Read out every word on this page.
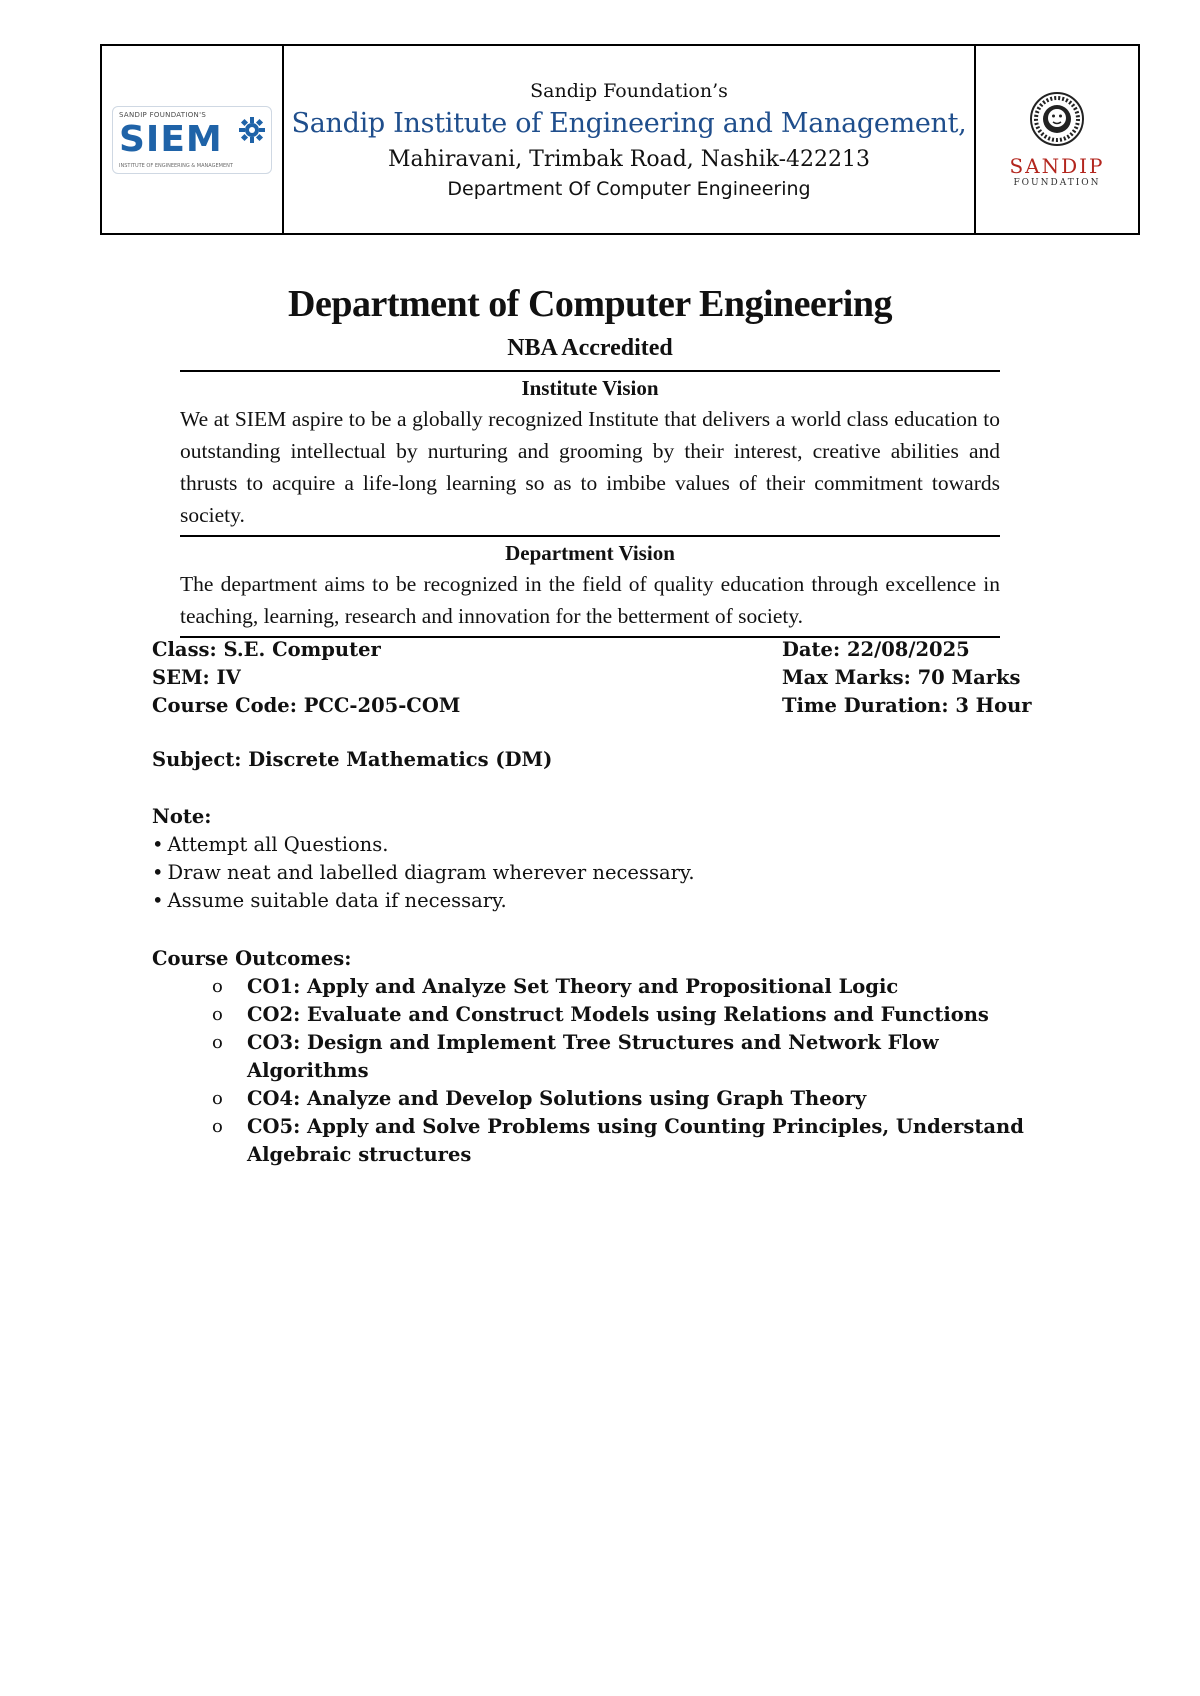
SANDIP FOUNDATION'S
SIEM
INSTITUTE OF ENGINEERING & MANAGEMENT
Sandip Foundation’s
Sandip Institute of Engineering and Management,
Mahiravani, Trimbak Road, Nashik-422213
Department Of Computer Engineering
SANDIP
FOUNDATION
Department of Computer Engineering
NBA Accredited
Institute Vision
We at SIEM aspire to be a globally recognized Institute that delivers a world class education to outstanding intellectual by nurturing and grooming by their interest, creative abilities and thrusts to acquire a life-long learning so as to imbibe values of their commitment towards society.
Department Vision
The department aims to be recognized in the field of quality education through excellence in teaching, learning, research and innovation for the betterment of society.
Class: S.E. Computer	Date: 22/08/2025
SEM: IV	Max Marks: 70 Marks
Course Code: PCC-205-COM	Time Duration: 3 Hour
Subject: Discrete Mathematics (DM)
Note:
• Attempt all Questions.
• Draw neat and labelled diagram wherever necessary.
• Assume suitable data if necessary.
Course Outcomes:
o CO1: Apply and Analyze Set Theory and Propositional Logic
o CO2: Evaluate and Construct Models using Relations and Functions
o CO3: Design and Implement Tree Structures and Network Flow Algorithms
o CO4: Analyze and Develop Solutions using Graph Theory
o CO5: Apply and Solve Problems using Counting Principles, Understand Algebraic structures
